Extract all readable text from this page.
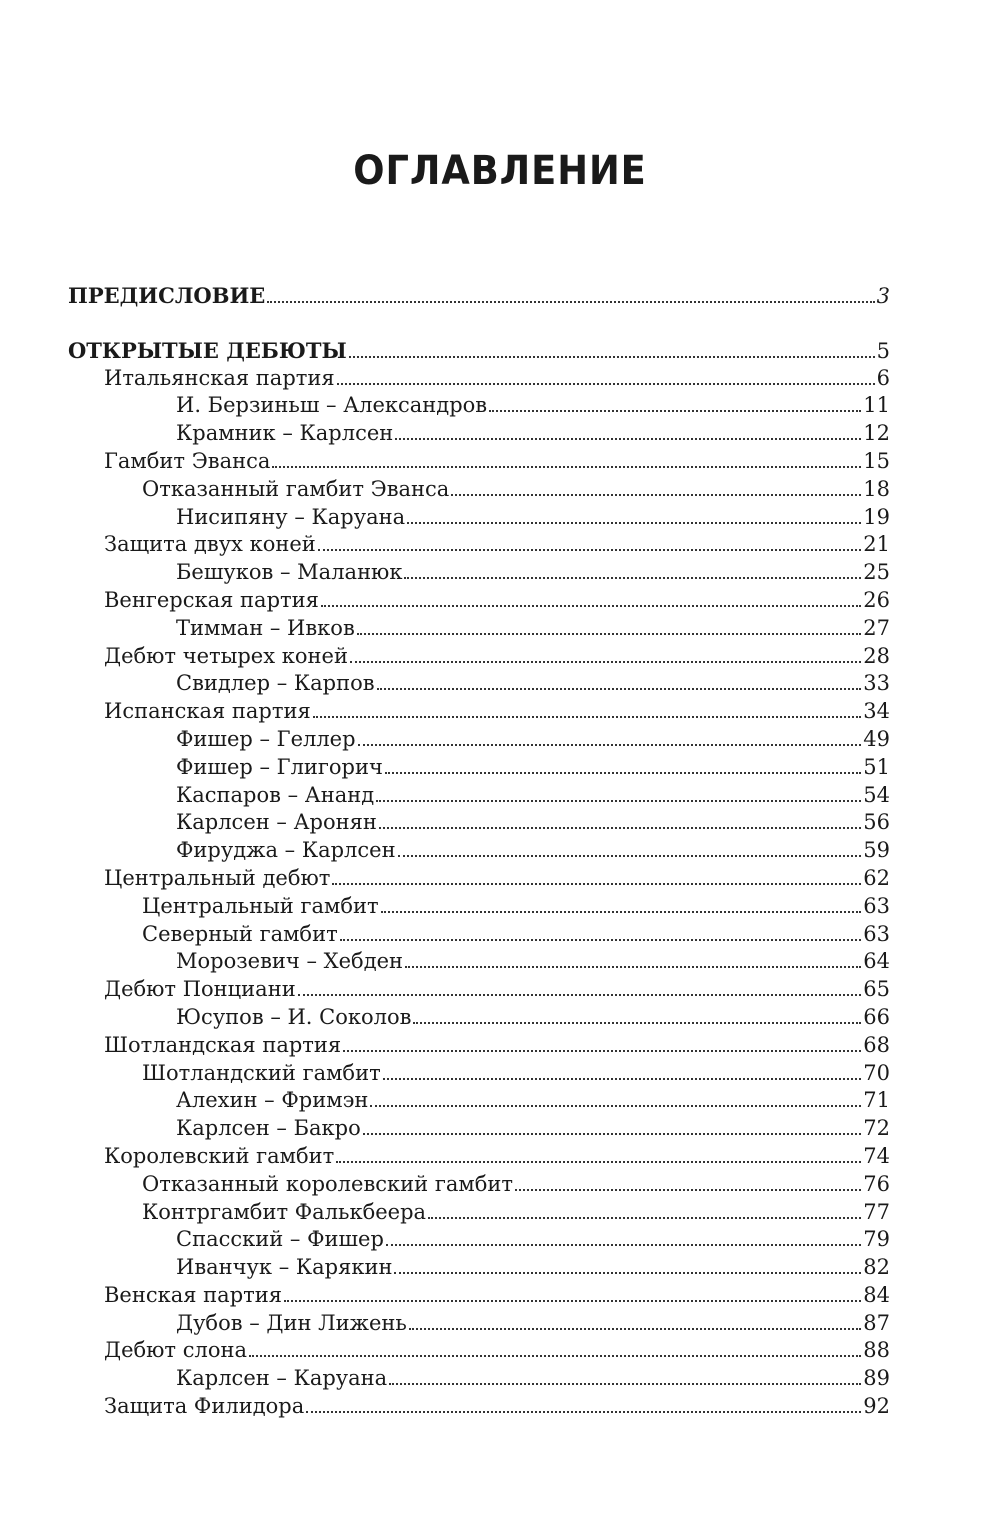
ОГЛАВЛЕНИЕ
ПРЕДИСЛОВИЕ	3
ОТКРЫТЫЕ ДЕБЮТЫ	5
Итальянская партия	6
И. Берзиньш – Александров	11
Крамник – Карлсен	12
Гамбит Эванса	15
Отказанный гамбит Эванса	18
Нисипяну – Каруана	19
Защита двух коней	21
Бешуков – Маланюк	25
Венгерская партия	26
Тимман – Ивков	27
Дебют четырех коней	28
Свидлер – Карпов	33
Испанская партия	34
Фишер – Геллер	49
Фишер – Глигорич	51
Каспаров – Ананд	54
Карлсен – Аронян	56
Фируджа – Карлсен	59
Центральный дебют	62
Центральный гамбит	63
Северный гамбит	63
Морозевич – Хебден	64
Дебют Понциани	65
Юсупов – И. Соколов	66
Шотландская партия	68
Шотландский гамбит	70
Алехин – Фримэн	71
Карлсен – Бакро	72
Королевский гамбит	74
Отказанный королевский гамбит	76
Контргамбит Фалькбеера	77
Спасский – Фишер	79
Иванчук – Карякин	82
Венская партия	84
Дубов – Дин Лижень	87
Дебют слона	88
Карлсен – Каруана	89
Защита Филидора	92
